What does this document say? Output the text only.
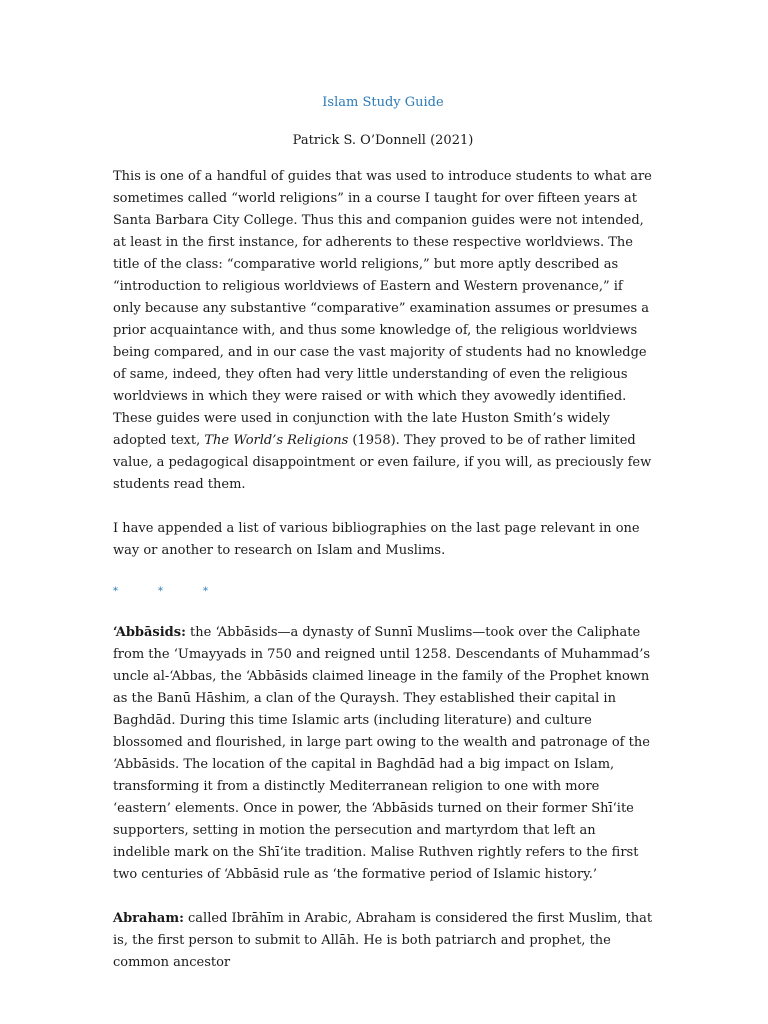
Islam Study Guide

Patrick S. O’Donnell (2021)

This is one of a handful of guides that was used to introduce students to what are sometimes called “world religions” in a course I taught for over fifteen years at Santa Barbara City College. Thus this and companion guides were not intended, at least in the first instance, for adherents to these respective worldviews. The title of the class: “comparative world religions,” but more aptly described as “introduction to religious worldviews of Eastern and Western provenance,” if only because any substantive “comparative” examination assumes or presumes a prior acquaintance with, and thus some knowledge of, the religious worldviews being compared, and in our case the vast majority of students had no knowledge of same, indeed, they often had very little understanding of even the religious worldviews in which they were raised or with which they avowedly identified. These guides were used in conjunction with the late Huston Smith’s widely adopted text, The World’s Religions (1958). They proved to be of rather limited value, a pedagogical disappointment or even failure, if you will, as preciously few students read them.

I have appended a list of various bibliographies on the last page relevant in one way or another to research on Islam and Muslims.

*	*	*

‘Abbāsids: the ‘Abbāsids—a dynasty of Sunnī Muslims—took over the Caliphate from the ‘Umayyads in 750 and reigned until 1258. Descendants of Muhammad’s uncle al-‘Abbas, the ‘Abbāsids claimed lineage in the family of the Prophet known as the Banū Hāshim, a clan of the Quraysh. They established their capital in Baghdād. During this time Islamic arts (including literature) and culture blossomed and flourished, in large part owing to the wealth and patronage of the ‘Abbāsids. The location of the capital in Baghdād had a big impact on Islam, transforming it from a distinctly Mediterranean religion to one with more ‘eastern’ elements. Once in power, the ‘Abbāsids turned on their former Shī‘ite supporters, setting in motion the persecution and martyrdom that left an indelible mark on the Shī‘ite tradition. Malise Ruthven rightly refers to the first two centuries of ‘Abbāsid rule as ‘the formative period of Islamic history.’

Abraham: called Ibrāhīm in Arabic, Abraham is considered the first Muslim, that is, the first person to submit to Allāh. He is both patriarch and prophet, the common ancestor
